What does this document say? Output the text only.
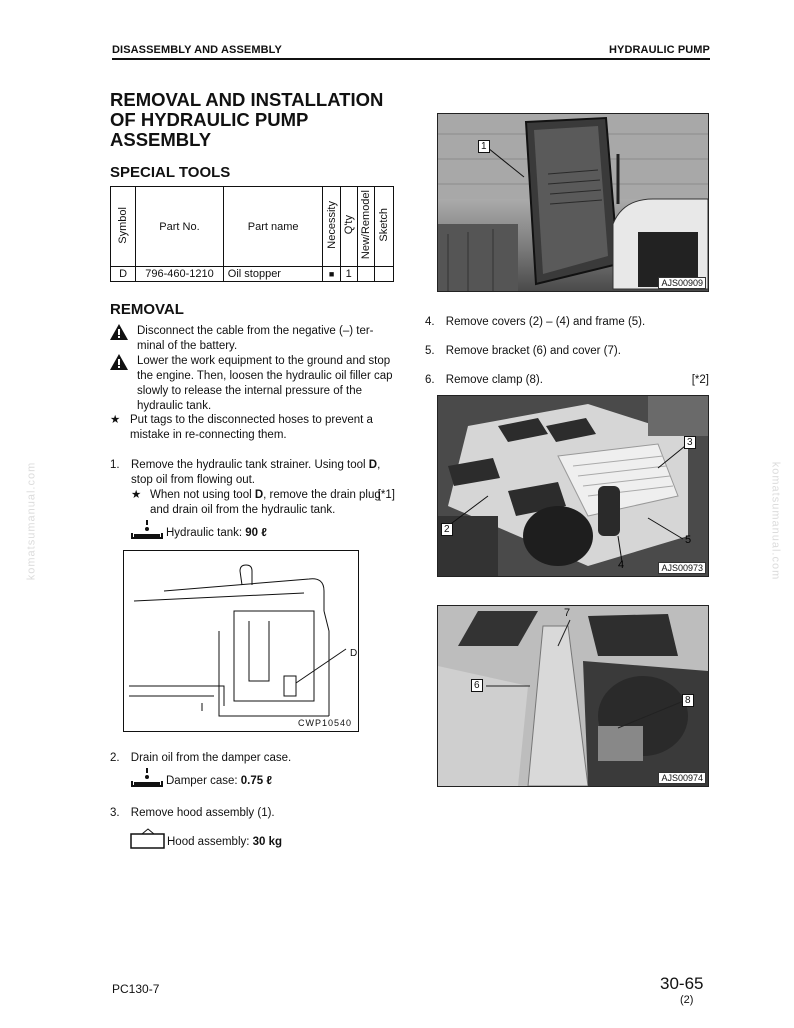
komatsumanual.com	komatsumanual.com
DISASSEMBLY AND ASSEMBLY	HYDRAULIC PUMP
REMOVAL AND INSTALLATION OF HYDRAULIC PUMP ASSEMBLY
SPECIAL TOOLS
Symbol	Part No.	Part name	Necessity	Q'ty	New/Remodel	Sketch
D	796-460-1210	Oil stopper	■	1		
REMOVAL
Disconnect the cable from the negative (–) ter-minal of the battery.
Lower the work equipment to the ground and stop the engine. Then, loosen the hydraulic oil filler cap slowly to release the internal pressure of the hydraulic tank.
★ Put tags to the disconnected hoses to prevent a mistake in re-connecting them.
1. Remove the hydraulic tank strainer. Using tool D, stop oil from flowing out.
★ When not using tool D, remove the drain plug and drain oil from the hydraulic tank.
[*1]
Hydraulic tank: 90 ℓ
D
CWP10540
2. Drain oil from the damper case.
Damper case: 0.75 ℓ
3. Remove hood assembly (1).
Hood assembly: 30 kg
1
AJS00909
4. Remove covers (2) – (4) and frame (5).
5. Remove bracket (6) and cover (7).
6. Remove clamp (8).	[*2]
3
2
5
4	AJS00973
7
6
8
AJS00974
PC130-7	30-65
(2)
